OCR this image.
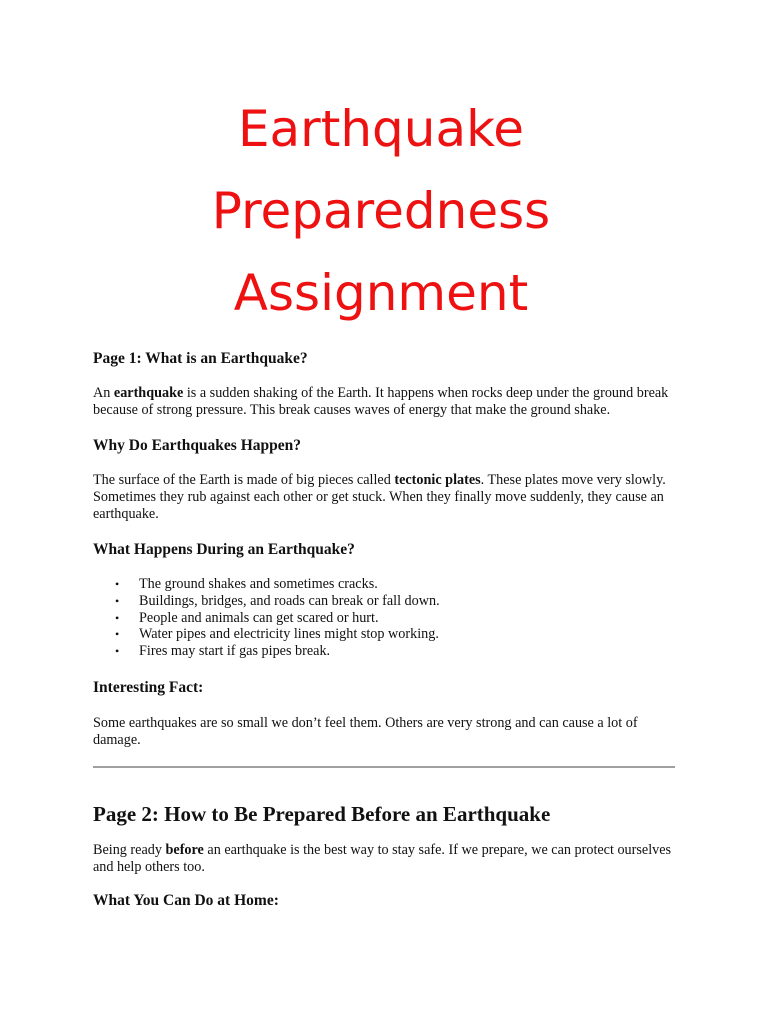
Earthquake
Preparedness
Assignment
Page 1: What is an Earthquake?

An earthquake is a sudden shaking of the Earth. It happens when rocks deep under the ground break because of strong pressure. This break causes waves of energy that make the ground shake.

Why Do Earthquakes Happen?

The surface of the Earth is made of big pieces called tectonic plates. These plates move very slowly. Sometimes they rub against each other or get stuck. When they finally move suddenly, they cause an earthquake.

What Happens During an Earthquake?
• The ground shakes and sometimes cracks.
• Buildings, bridges, and roads can break or fall down.
• People and animals can get scared or hurt.
• Water pipes and electricity lines might stop working.
• Fires may start if gas pipes break.
Interesting Fact:

Some earthquakes are so small we don’t feel them. Others are very strong and can cause a lot of damage.

Page 2: How to Be Prepared Before an Earthquake

Being ready before an earthquake is the best way to stay safe. If we prepare, we can protect ourselves and help others too.

What You Can Do at Home:
